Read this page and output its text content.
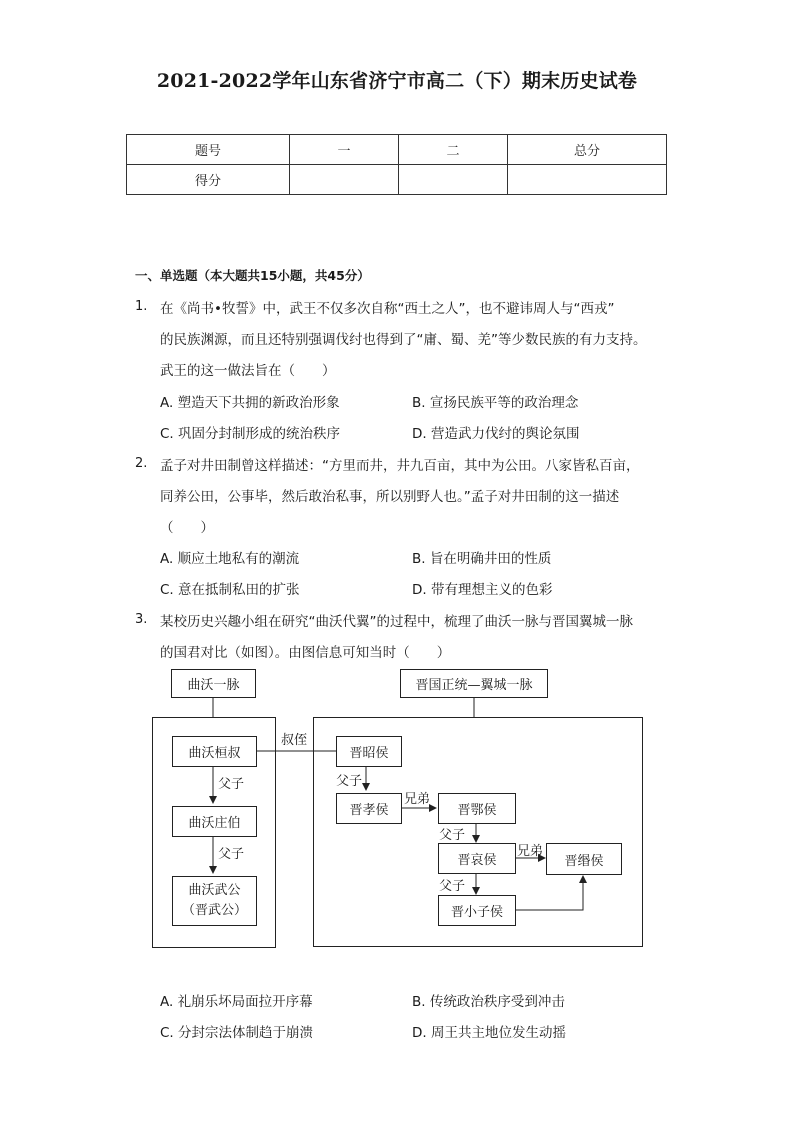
2021-2022学年山东省济宁市高二（下）期末历史试卷
题号	一	二	总分
得分			
一、单选题（本大题共15小题，共45分）
1. 在《尚书•牧誓》中，武王不仅多次自称“西土之人”，也不避讳周人与“西戎”
的民族渊源，而且还特别强调伐纣也得到了“庸、蜀、羌”等少数民族的有力支持。
武王的这一做法旨在（　　）
A. 塑造天下共拥的新政治形象	B. 宣扬民族平等的政治理念
C. 巩固分封制形成的统治秩序	D. 营造武力伐纣的舆论氛围
2. 孟子对井田制曾这样描述：“方里而井，井九百亩，其中为公田。八家皆私百亩，
同养公田，公事毕，然后敢治私事，所以别野人也。”孟子对井田制的这一描述
（　　）
A. 顺应土地私有的潮流	B. 旨在明确井田的性质
C. 意在抵制私田的扩张	D. 带有理想主义的色彩
3. 某校历史兴趣小组在研究“曲沃代翼”的过程中，梳理了曲沃一脉与晋国翼城一脉
的国君对比（如图）。由图信息可知当时（　　）
曲沃一脉	晋国正统—翼城一脉
曲沃桓叔
父子
曲沃庄伯
父子
曲沃武公
（晋武公）
叔侄
晋昭侯
父子
晋孝侯
兄弟
晋鄂侯
父子
晋哀侯
兄弟
晋缗侯
父子
晋小子侯
A. 礼崩乐坏局面拉开序幕	B. 传统政治秩序受到冲击
C. 分封宗法体制趋于崩溃	D. 周王共主地位发生动摇
